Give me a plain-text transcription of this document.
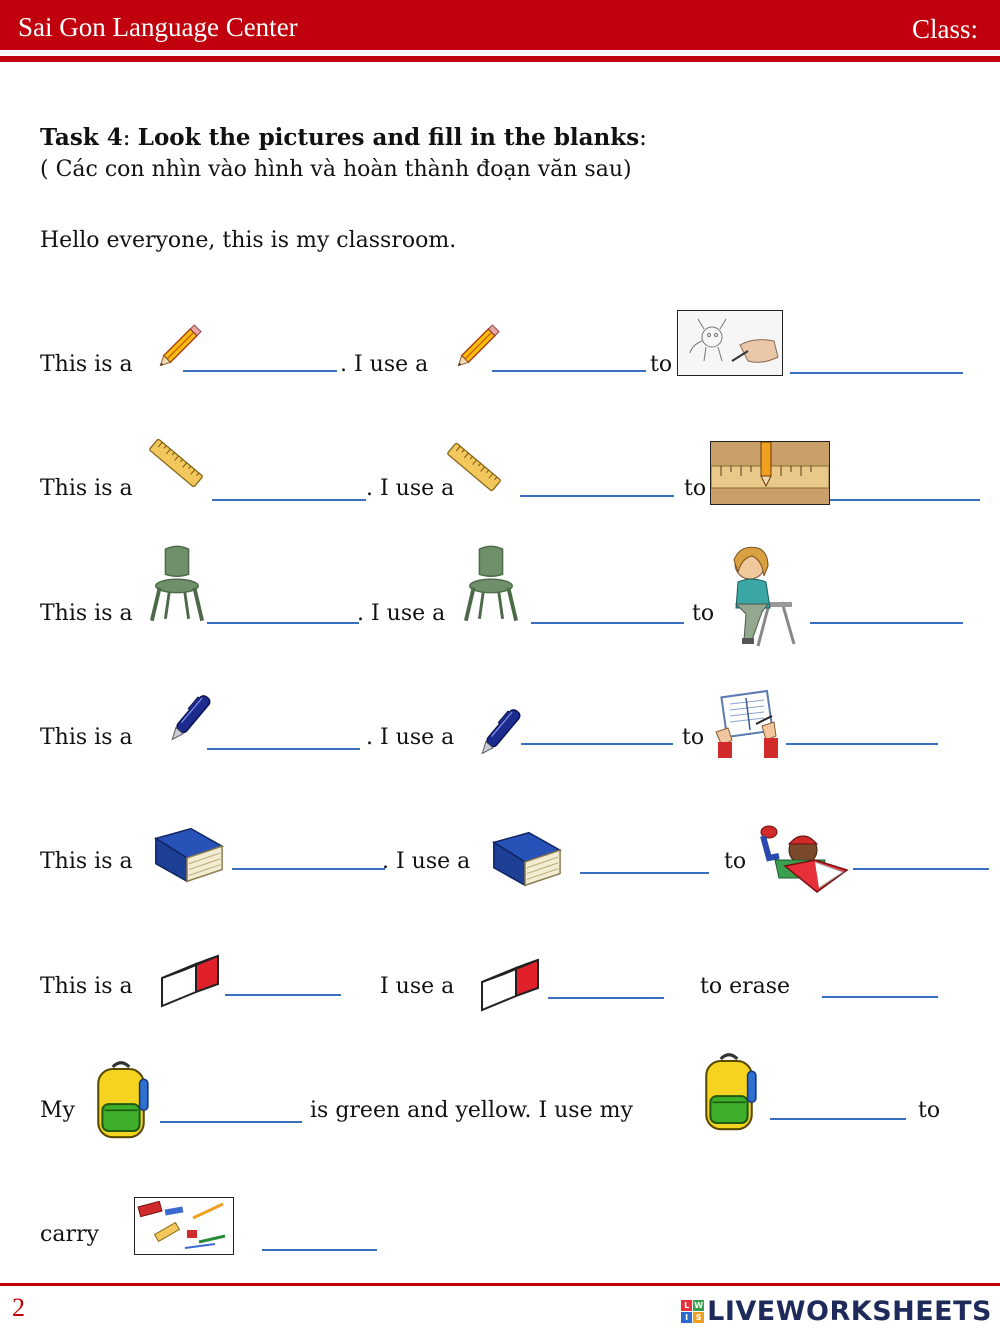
Sai Gon Language Center	Class:
Task 4: Look the pictures and fill in the blanks:
( Các con nhìn vào hình và hoàn thành đoạn văn sau)
Hello everyone, this is my classroom.
This is a	. I use a	to
This is a	. I use a	to
This is a	. I use a	to
This is a	. I use a	to
This is a	. I use a	to
This is a	I use a	to erase
My	is green and yellow. I use my	to
carry
2	L W
I S LIVEWORKSHEETS
